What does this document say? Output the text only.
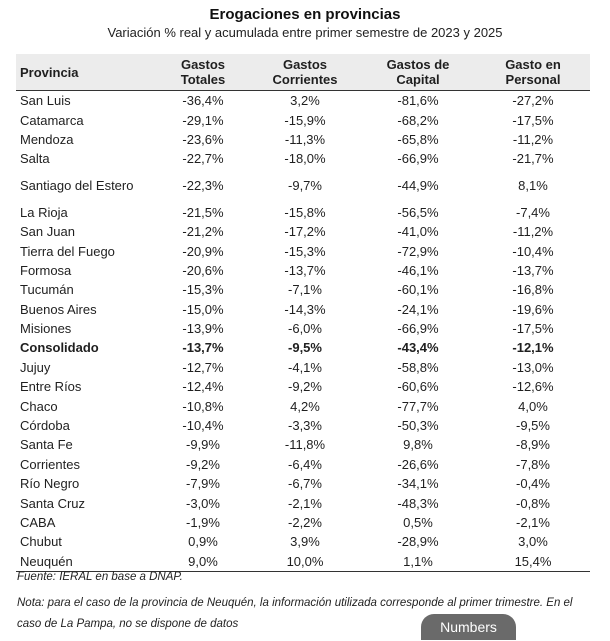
Erogaciones en provincias
Variación % real y acumulada entre primer semestre de 2023 y 2025
Provincia	Gastos Totales	Gastos Corrientes	Gastos de Capital	Gasto en Personal
San Luis	-36,4%	3,2%	-81,6%	-27,2%
Catamarca	-29,1%	-15,9%	-68,2%	-17,5%
Mendoza	-23,6%	-11,3%	-65,8%	-11,2%
Salta	-22,7%	-18,0%	-66,9%	-21,7%
Santiago del Estero	-22,3%	-9,7%	-44,9%	8,1%
La Rioja	-21,5%	-15,8%	-56,5%	-7,4%
San Juan	-21,2%	-17,2%	-41,0%	-11,2%
Tierra del Fuego	-20,9%	-15,3%	-72,9%	-10,4%
Formosa	-20,6%	-13,7%	-46,1%	-13,7%
Tucumán	-15,3%	-7,1%	-60,1%	-16,8%
Buenos Aires	-15,0%	-14,3%	-24,1%	-19,6%
Misiones	-13,9%	-6,0%	-66,9%	-17,5%
Consolidado	-13,7%	-9,5%	-43,4%	-12,1%
Jujuy	-12,7%	-4,1%	-58,8%	-13,0%
Entre Ríos	-12,4%	-9,2%	-60,6%	-12,6%
Chaco	-10,8%	4,2%	-77,7%	4,0%
Córdoba	-10,4%	-3,3%	-50,3%	-9,5%
Santa Fe	-9,9%	-11,8%	9,8%	-8,9%
Corrientes	-9,2%	-6,4%	-26,6%	-7,8%
Río Negro	-7,9%	-6,7%	-34,1%	-0,4%
Santa Cruz	-3,0%	-2,1%	-48,3%	-0,8%
CABA	-1,9%	-2,2%	0,5%	-2,1%
Chubut	0,9%	3,9%	-28,9%	3,0%
Neuquén	9,0%	10,0%	1,1%	15,4%
Fuente: IERAL en base a DNAP.
Nota: para el caso de la provincia de Neuquén, la información utilizada corresponde al primer trimestre. En el caso de La Pampa, no se dispone de datos	Numbers
